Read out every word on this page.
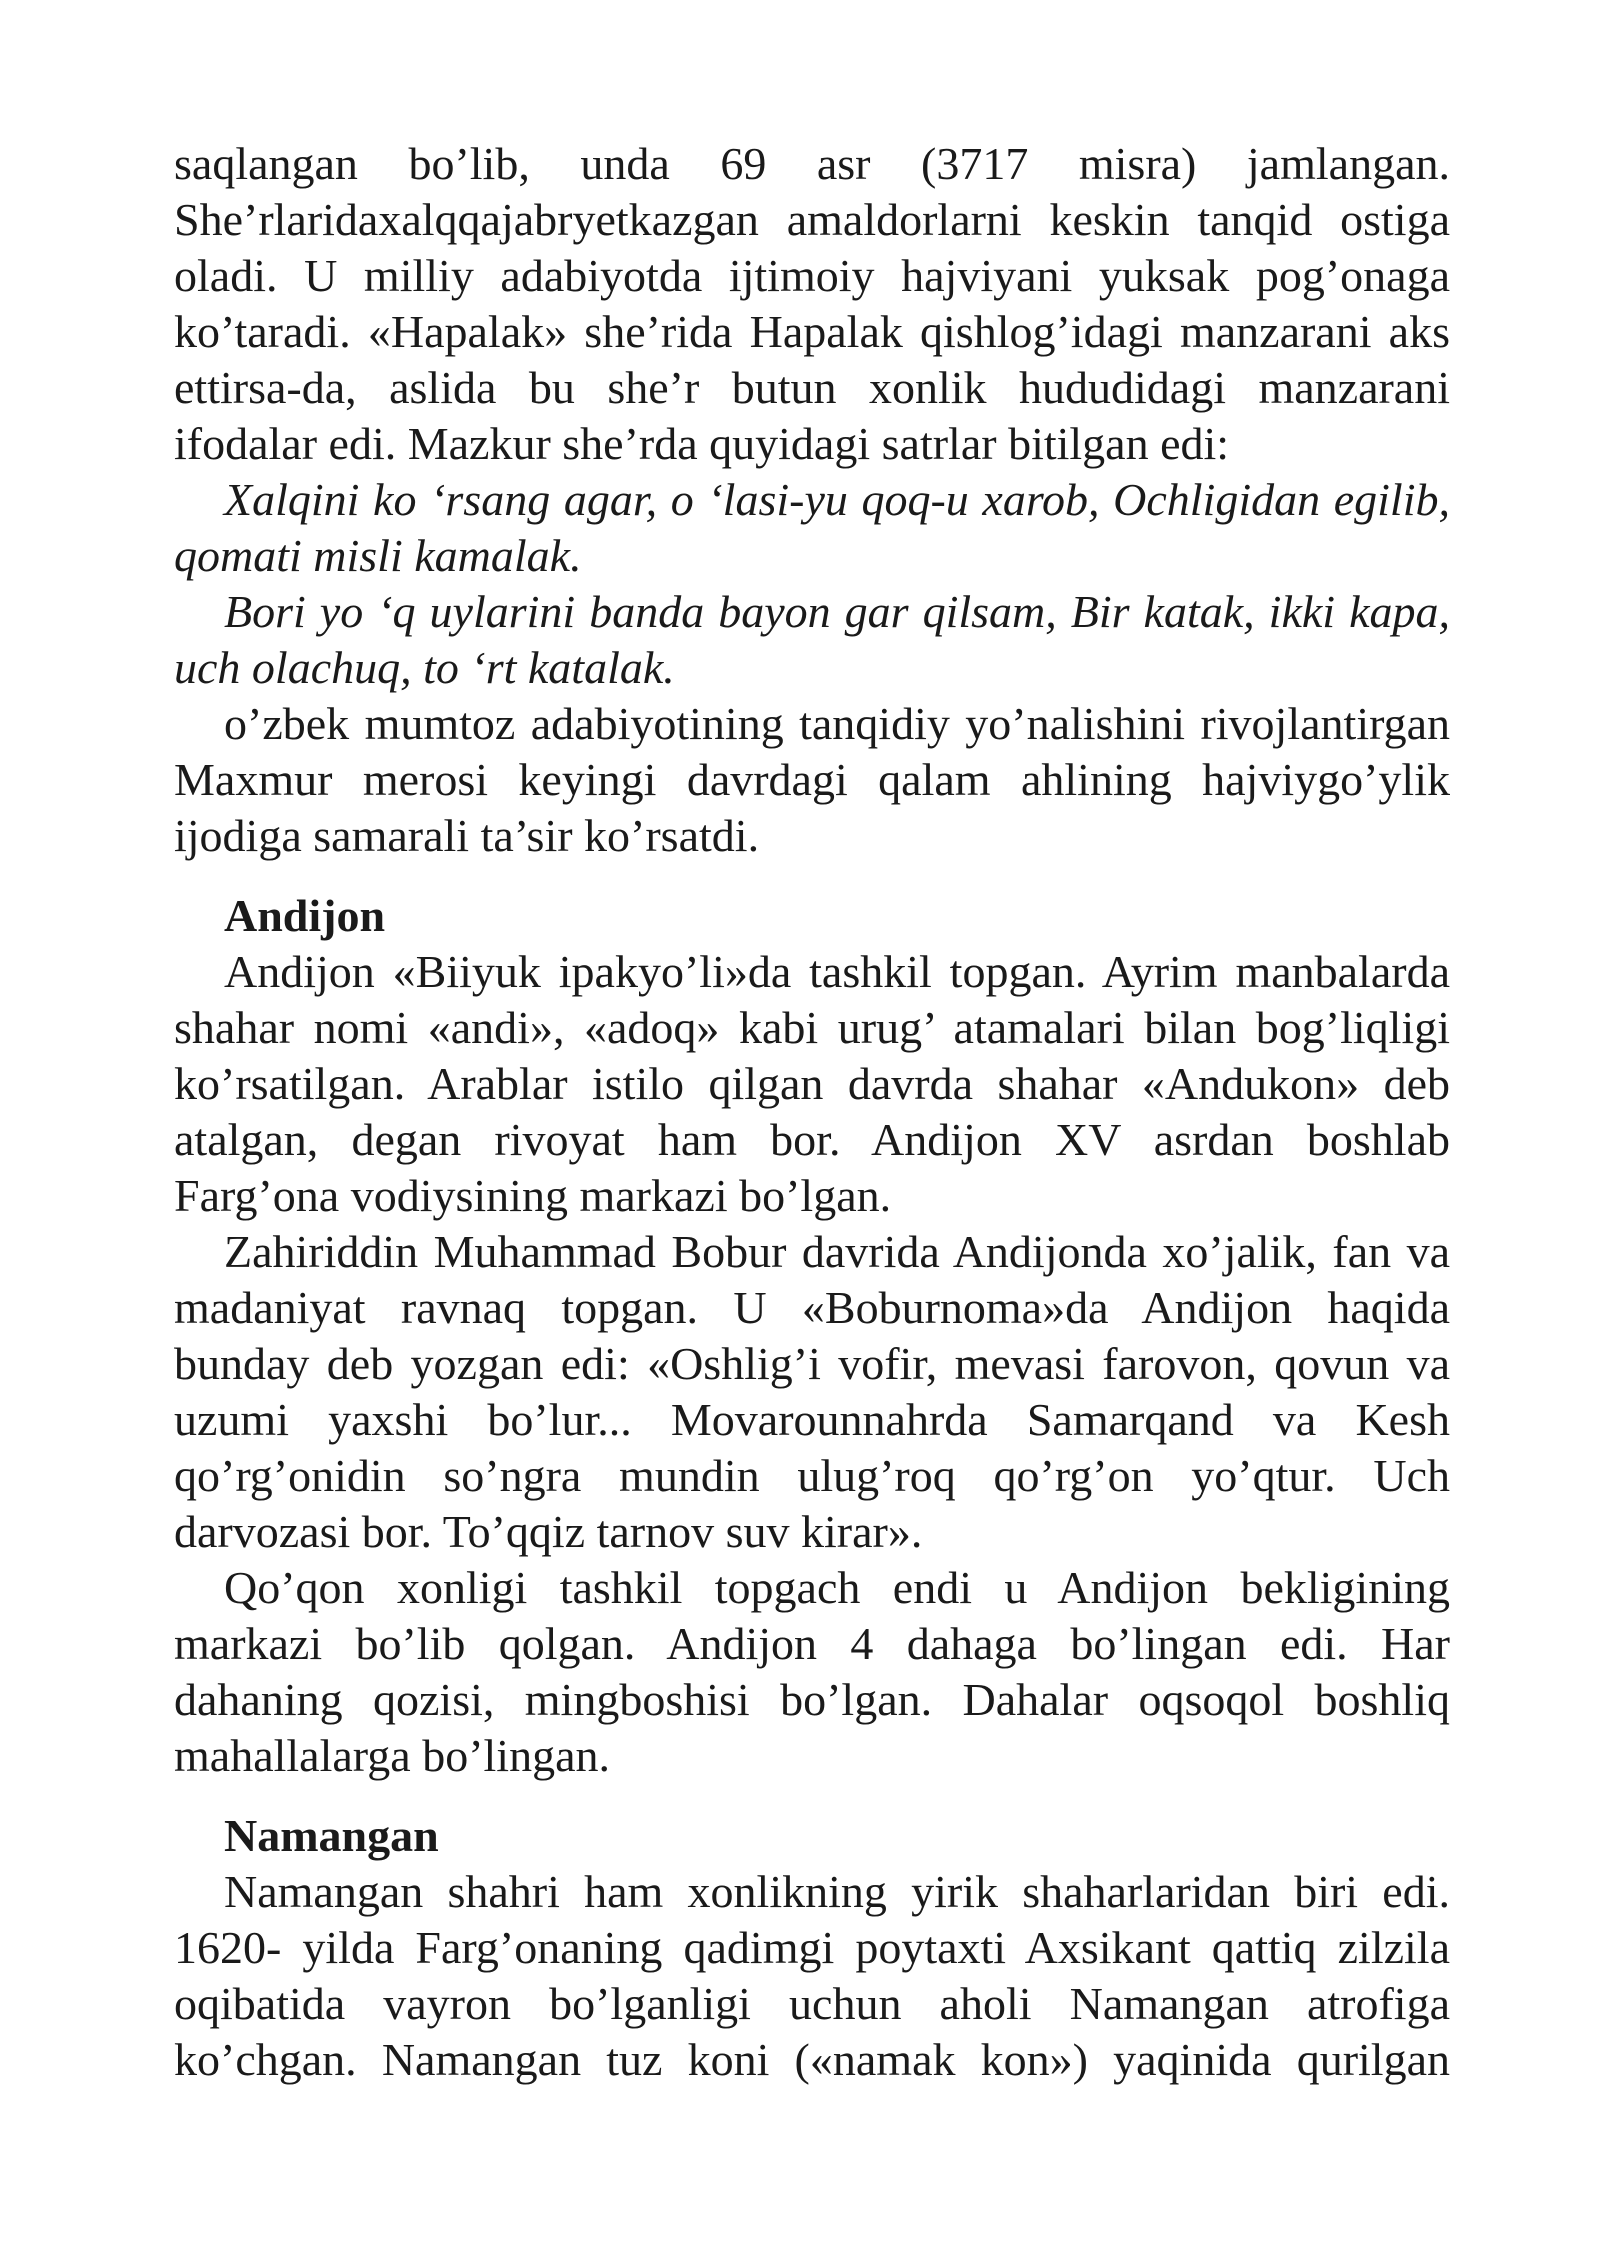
saqlangan bo’lib, unda 69 asr (3717 misra) jamlangan. She’rlaridaxalqqajabryetkazgan amaldorlarni keskin tanqid ostiga oladi. U milliy adabiyotda ijtimoiy hajviyani yuksak pog’onaga ko’taradi. «Hapalak» she’rida Hapalak qishlog’idagi manzarani aks ettirsa-da, aslida bu she’r butun xonlik hududidagi manzarani ifodalar edi. Mazkur she’rda quyidagi satrlar bitilgan edi:

Xalqini ko ‘rsang agar, o ‘lasi-yu qoq-u xarob, Ochligidan egilib, qomati misli kamalak.

Bori yo ‘q uylarini banda bayon gar qilsam, Bir katak, ikki kapa, uch olachuq, to ‘rt katalak.

o’zbek mumtoz adabiyotining tanqidiy yo’nalishini rivojlantirgan Maxmur merosi keyingi davrdagi qalam ahlining hajviygo’ylik ijodiga samarali ta’sir ko’rsatdi.

Andijon

Andijon «Biiyuk ipakyo’li»da tashkil topgan. Ayrim manbalarda shahar nomi «andi», «adoq» kabi urug’ atamalari bilan bog’liqligi ko’rsatilgan. Arablar istilo qilgan davrda shahar «Andukon» deb atalgan, degan rivoyat ham bor. Andijon XV asrdan boshlab Farg’ona vodiysining markazi bo’lgan.

Zahiriddin Muhammad Bobur davrida Andijonda xo’jalik, fan va madaniyat ravnaq topgan. U «Boburnoma»da Andijon haqida bunday deb yozgan edi: «Oshlig’i vofir, mevasi farovon, qovun va uzumi yaxshi bo’lur... Movarounnahrda Samarqand va Kesh qo’rg’onidin so’ngra mundin ulug’roq qo’rg’on yo’qtur. Uch darvozasi bor. To’qqiz tarnov suv kirar».

Qo’qon xonligi tashkil topgach endi u Andijon bekligining markazi bo’lib qolgan. Andijon 4 dahaga bo’lingan edi. Har dahaning qozisi, mingboshisi bo’lgan. Dahalar oqsoqol boshliq mahallalarga bo’lingan.

Namangan

Namangan shahri ham xonlikning yirik shaharlaridan biri edi. 1620- yilda Farg’onaning qadimgi poytaxti Axsikant qattiq zilzila oqibatida vayron bo’lganligi uchun aholi Namangan atrofiga ko’chgan. Namangan tuz koni («namak kon») yaqinida qurilgan
